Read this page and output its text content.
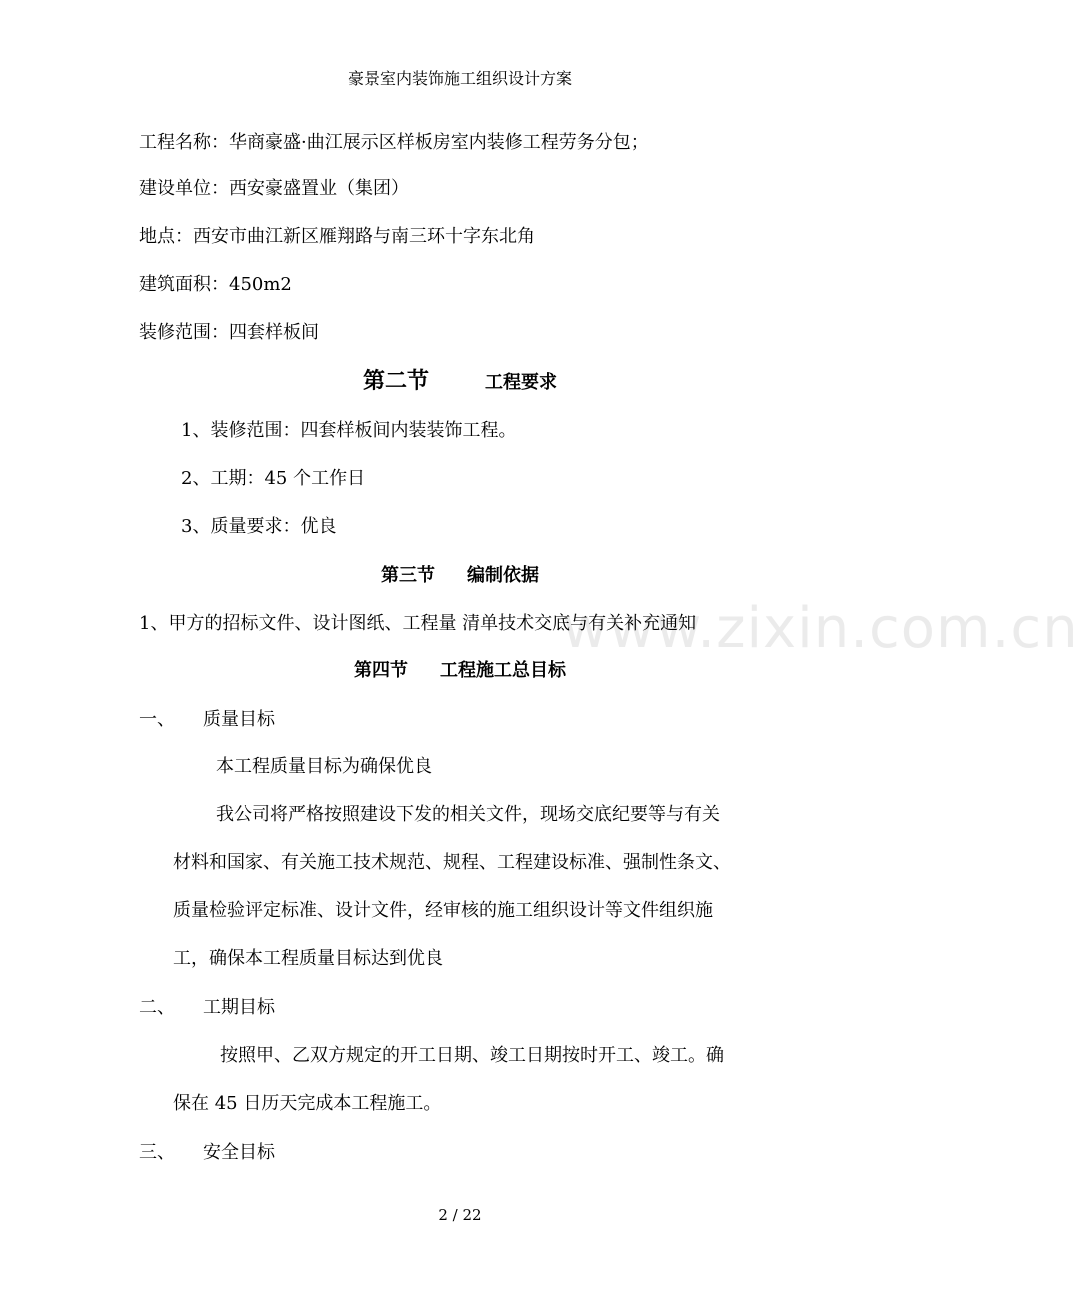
豪景室内装饰施工组织设计方案
工程名称：华商豪盛·曲江展示区样板房室内装修工程劳务分包；
建设单位：西安豪盛置业（集团）
地点：西安市曲江新区雁翔路与南三环十字东北角
建筑面积：450m2
装修范围：四套样板间
第二节	工程要求
1、装修范围：四套样板间内装装饰工程。
2、工期：45 个工作日
3、质量要求：优良
第三节 编制依据
1、甲方的招标文件、设计图纸、工程量 清单技术交底与有关补充通知
第四节 工程施工总目标
一、 质量目标
本工程质量目标为确保优良
我公司将严格按照建设下发的相关文件，现场交底纪要等与有关
材料和国家、有关施工技术规范、规程、工程建设标准、强制性条文、
质量检验评定标准、设计文件，经审核的施工组织设计等文件组织施
工，确保本工程质量目标达到优良
二、 工期目标
按照甲、乙双方规定的开工日期、竣工日期按时开工、竣工。确
保在 45 日历天完成本工程施工。
三、 安全目标
www.zixin.com.cn
2 / 22
